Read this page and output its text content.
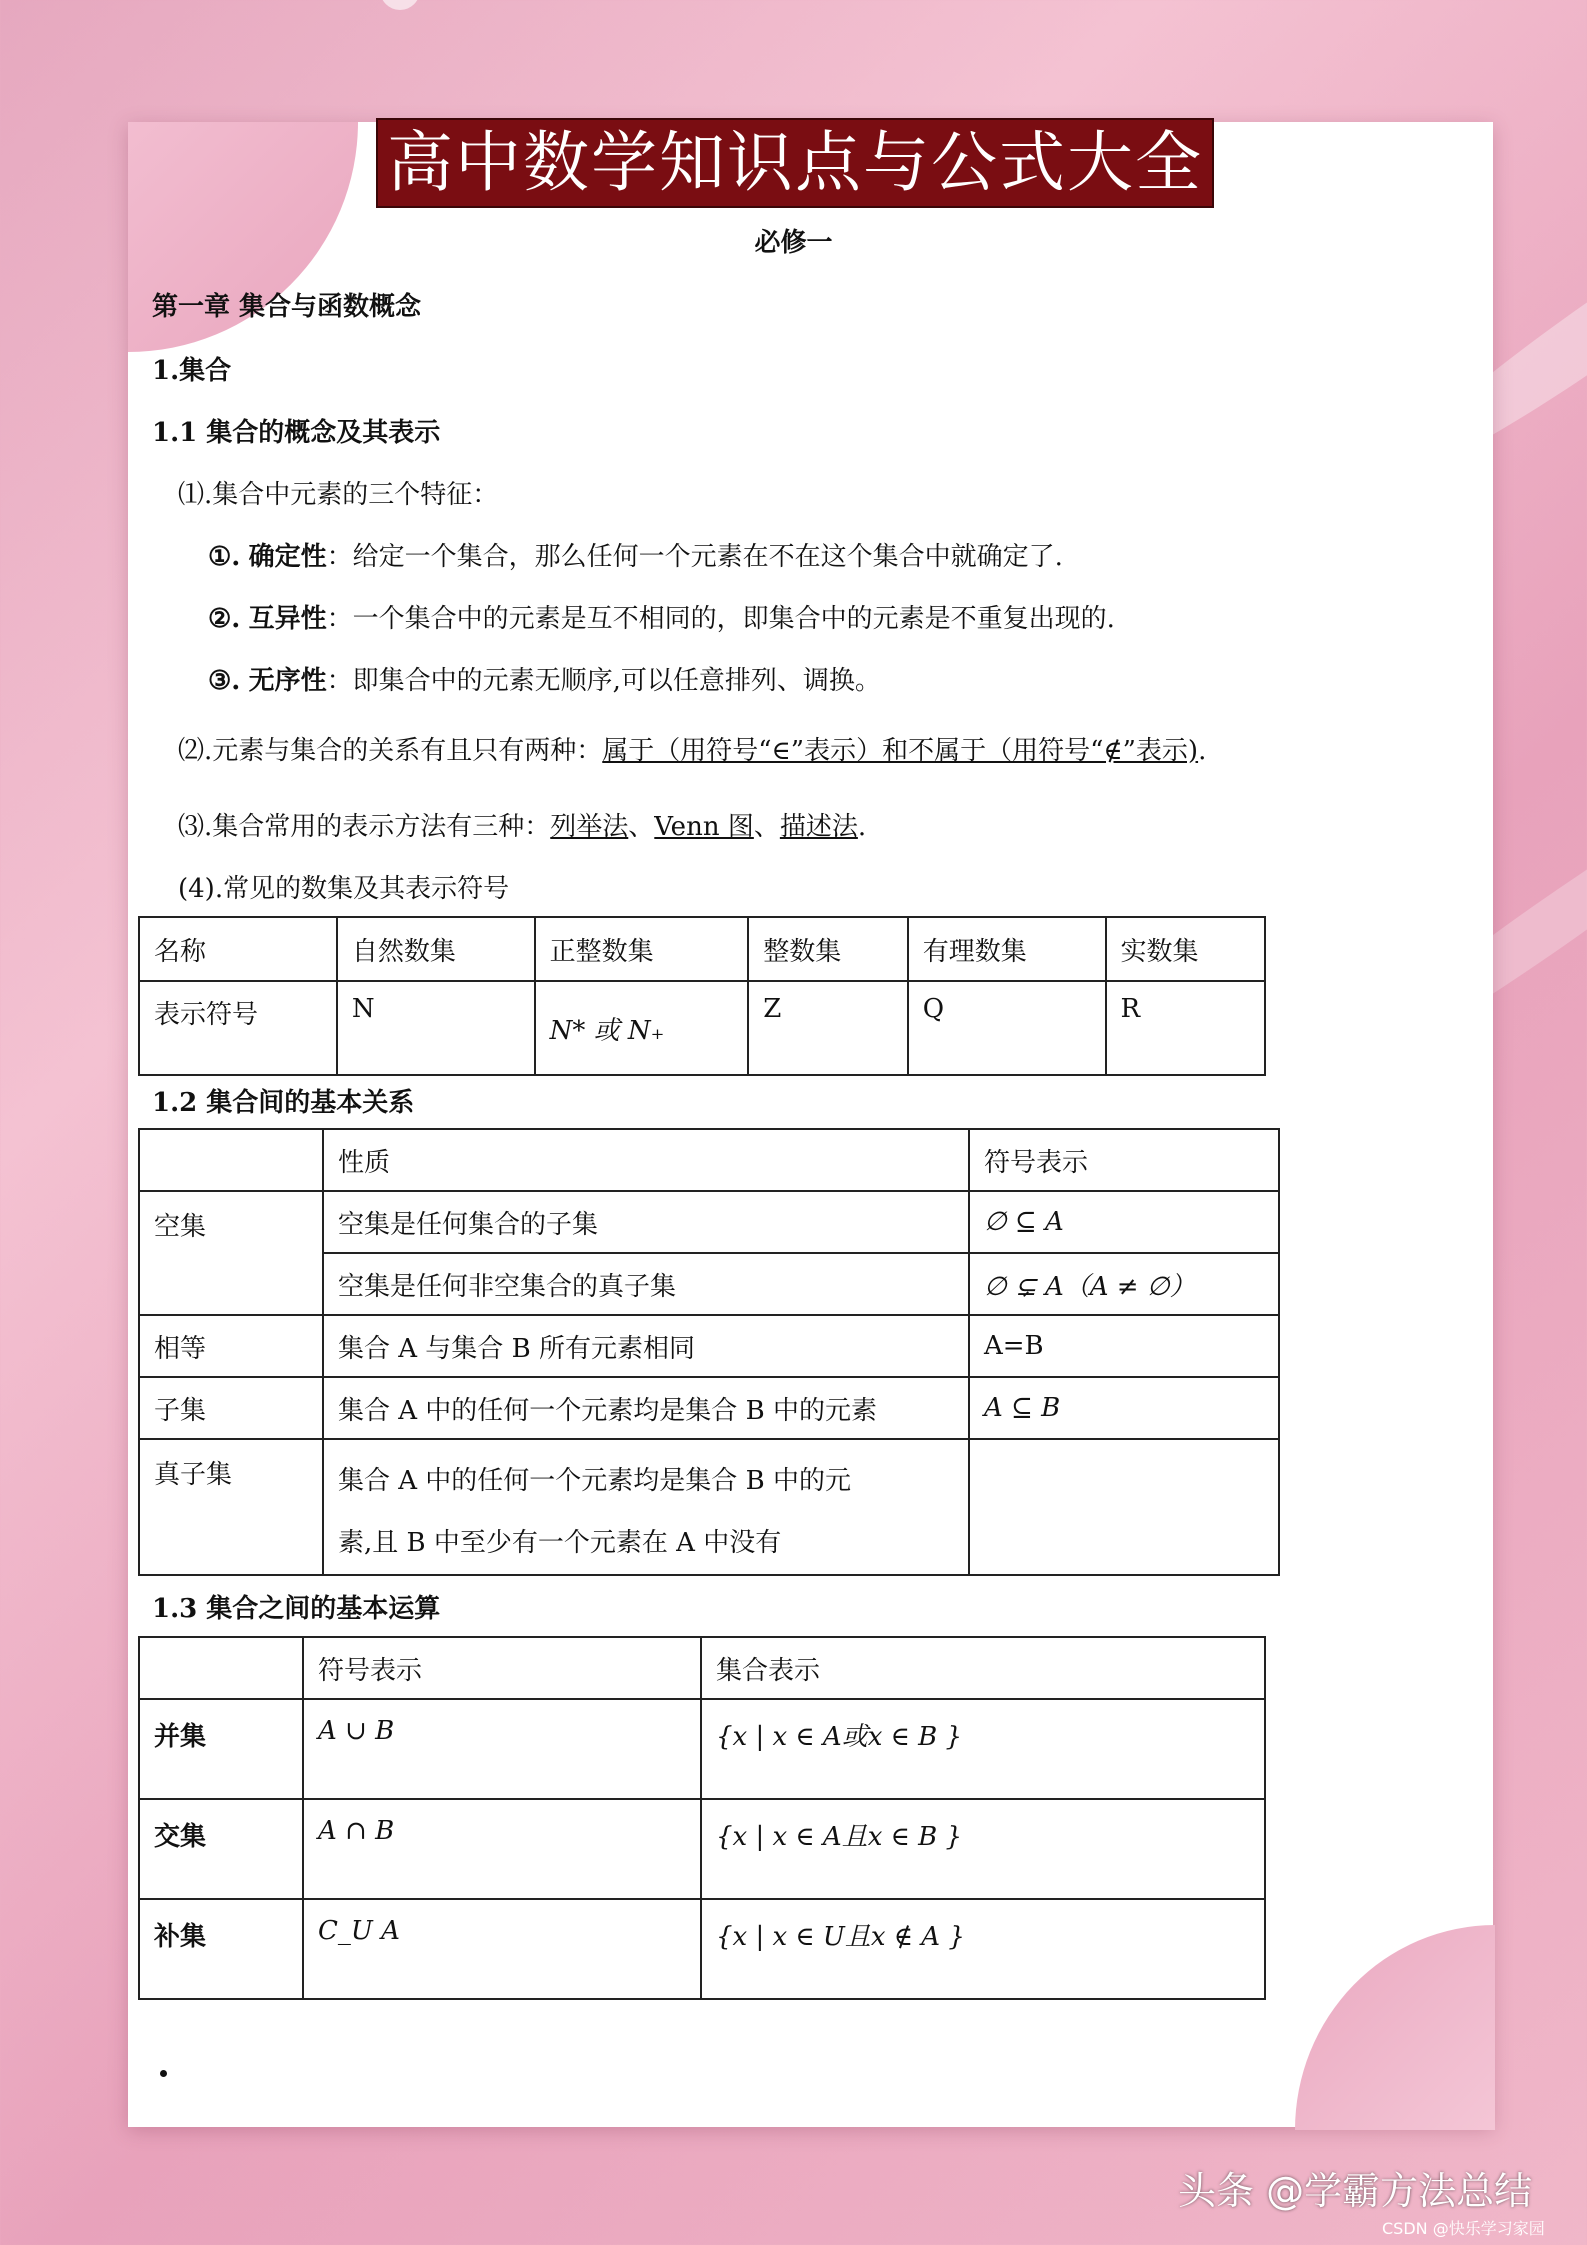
高中数学知识点与公式大全
必修一
第一章 集合与函数概念
1.集合
1.1 集合的概念及其表示
⑴.集合中元素的三个特征：
①. 确定性：给定一个集合，那么任何一个元素在不在这个集合中就确定了.
②. 互异性：一个集合中的元素是互不相同的，即集合中的元素是不重复出现的.
③. 无序性：即集合中的元素无顺序,可以任意排列、调换。
⑵.元素与集合的关系有且只有两种：属于（用符号“∈”表示）和不属于（用符号“∉”表示).
⑶.集合常用的表示方法有三种：列举法、Venn 图、描述法.
(4).常见的数集及其表示符号
名称	自然数集	正整数集	整数集	有理数集	实数集
表示符号	N	N* 或 N₊	Z	Q	R
1.2 集合间的基本关系
	性质	符号表示
空集	空集是任何集合的子集	∅ ⊆ A
	空集是任何非空集合的真子集	∅ ⊊ A（A ≠ ∅）
相等	集合 A 与集合 B 所有元素相同	A=B
子集	集合 A 中的任何一个元素均是集合 B 中的元素	A ⊆ B
真子集	集合 A 中的任何一个元素均是集合 B 中的元
素,且 B 中至少有一个元素在 A 中没有	

1.3 集合之间的基本运算
	符号表示	集合表示
并集	A ∪ B	{x | x ∈ A或x ∈ B }
交集	A ∩ B	{x | x ∈ A且x ∈ B }
补集	C_U A	{x | x ∈ U且x ∉ A }
头条 @学霸方法总结
CSDN @快乐学习家园
